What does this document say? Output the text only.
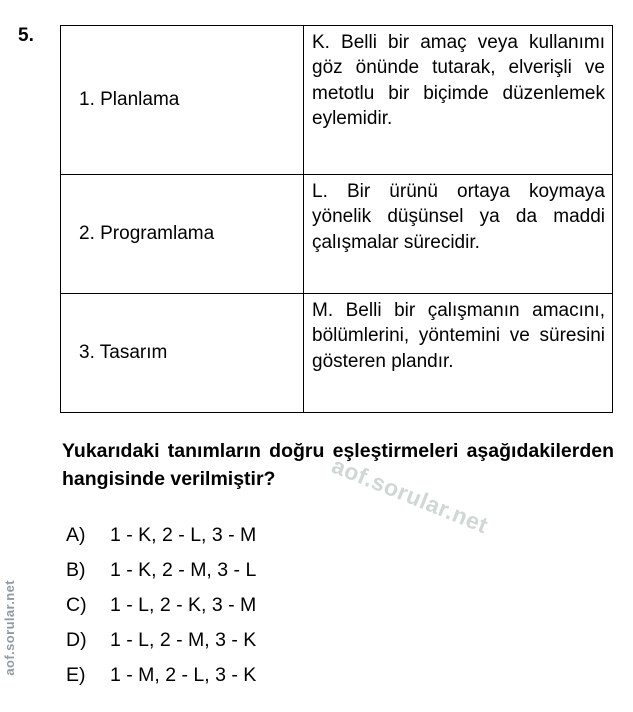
5.
1. Planlama	K. Belli bir amaç veya kullanımı göz önünde tutarak, elverişli ve metotlu bir biçimde düzenlemek eylemidir.

2. Programlama	L. Bir ürünü ortaya koymaya yönelik düşünsel ya da maddi çalışmalar sürecidir.

3. Tasarım	M. Belli bir çalışmanın amacını, bölümlerini, yöntemini ve süresini gösteren plandır.
aof.sorular.net
Yukarıdaki tanımların doğru eşleştirmeleri aşağıdakilerden hangisinde verilmiştir?
A)	1 - K, 2 - L, 3 - M
B)	1 - K, 2 - M, 3 - L
C)	1 - L, 2 - K, 3 - M
D)	1 - L, 2 - M, 3 - K
E)	1 - M, 2 - L, 3 - K
aof.sorular.net
